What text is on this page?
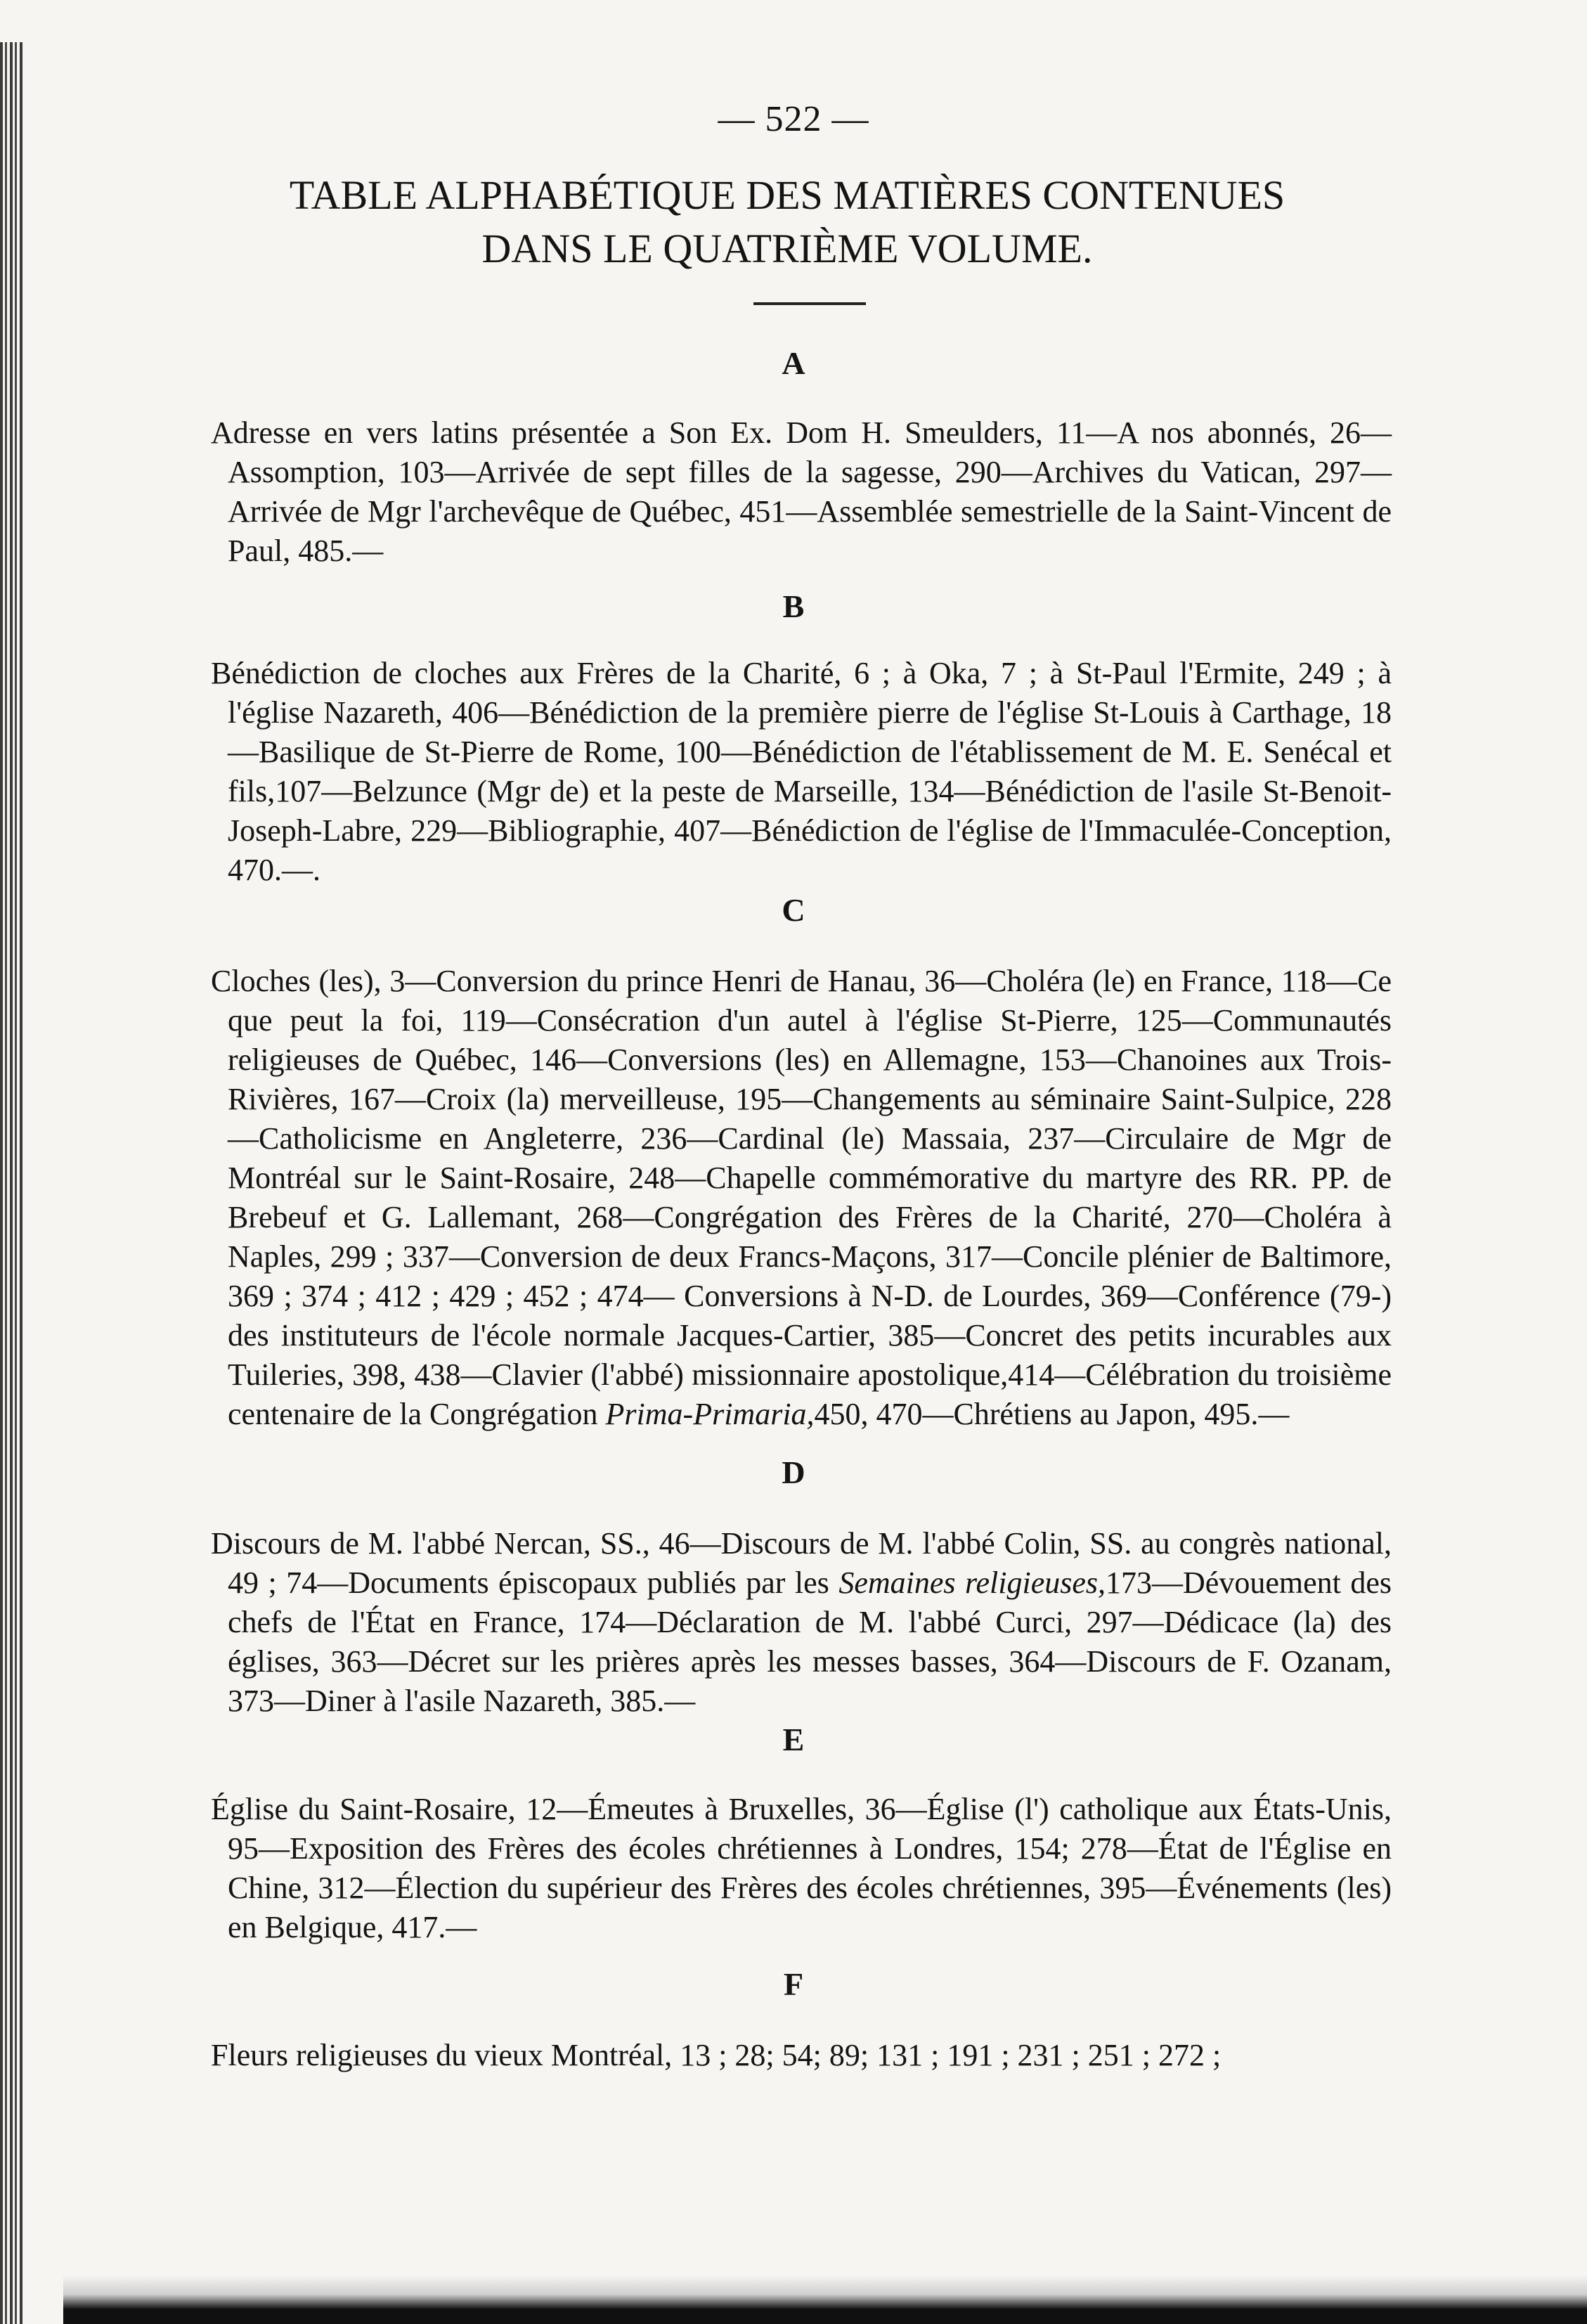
— 522 —
TABLE ALPHABÉTIQUE DES MATIÈRES CONTENUES
DANS LE QUATRIÈME VOLUME.
A
Adresse en vers latins présentée a Son Ex. Dom H. Smeulders, 11—A nos abonnés, 26—Assomption, 103—Arrivée de sept filles de la sagesse, 290—Archives du Vatican, 297—Arrivée de Mgr l'archevêque de Québec, 451—Assemblée semestrielle de la Saint-Vincent de Paul, 485.—
B
Bénédiction de cloches aux Frères de la Charité, 6 ; à Oka, 7 ; à St-Paul l'Ermite, 249 ; à l'église Nazareth, 406—Bénédiction de la première pierre de l'église St-Louis à Carthage, 18—Basilique de St-Pierre de Rome, 100—Bénédiction de l'établissement de M. E. Senécal et fils,107—Belzunce (Mgr de) et la peste de Marseille, 134—Bénédiction de l'asile St-Benoit-Joseph-Labre, 229—Bibliographie, 407—Bénédiction de l'église de l'Immaculée-Conception, 470.—.
C
Cloches (les), 3—Conversion du prince Henri de Hanau, 36—Choléra (le) en France, 118—Ce que peut la foi, 119—Consécration d'un autel à l'église St-Pierre, 125—Communautés religieuses de Québec, 146—Conversions (les) en Allemagne, 153—Chanoines aux Trois-Rivières, 167—Croix (la) merveilleuse, 195—Changements au séminaire Saint-Sulpice, 228—Catholicisme en Angleterre, 236—Cardinal (le) Massaia, 237—Circulaire de Mgr de Montréal sur le Saint-Rosaire, 248—Chapelle commémorative du martyre des RR. PP. de Brebeuf et G. Lallemant, 268—Congrégation des Frères de la Charité, 270—Choléra à Naples, 299 ; 337—Conversion de deux Francs-Maçons, 317—Concile plénier de Baltimore, 369 ; 374 ; 412 ; 429 ; 452 ; 474— Conversions à N-D. de Lourdes, 369—Conférence (79-) des instituteurs de l'école normale Jacques-Cartier, 385—Concret des petits incurables aux Tuileries, 398, 438—Clavier (l'abbé) missionnaire apostolique,414—Célébration du troisième centenaire de la Congrégation Prima-Primaria,450, 470—Chrétiens au Japon, 495.—
D
Discours de M. l'abbé Nercan, SS., 46—Discours de M. l'abbé Colin, SS. au congrès national, 49 ; 74—Documents épiscopaux publiés par les Semaines religieuses,173—Dévouement des chefs de l'État en France, 174—Déclaration de M. l'abbé Curci, 297—Dédicace (la) des églises, 363—Décret sur les prières après les messes basses, 364—Discours de F. Ozanam, 373—Diner à l'asile Nazareth, 385.—
E
Église du Saint-Rosaire, 12—Émeutes à Bruxelles, 36—Église (l') catholique aux États-Unis, 95—Exposition des Frères des écoles chrétiennes à Londres, 154; 278—État de l'Église en Chine, 312—Élection du supérieur des Frères des écoles chrétiennes, 395—Événements (les) en Belgique, 417.—
F
Fleurs religieuses du vieux Montréal, 13 ; 28; 54; 89; 131 ; 191 ; 231 ; 251 ; 272 ;
